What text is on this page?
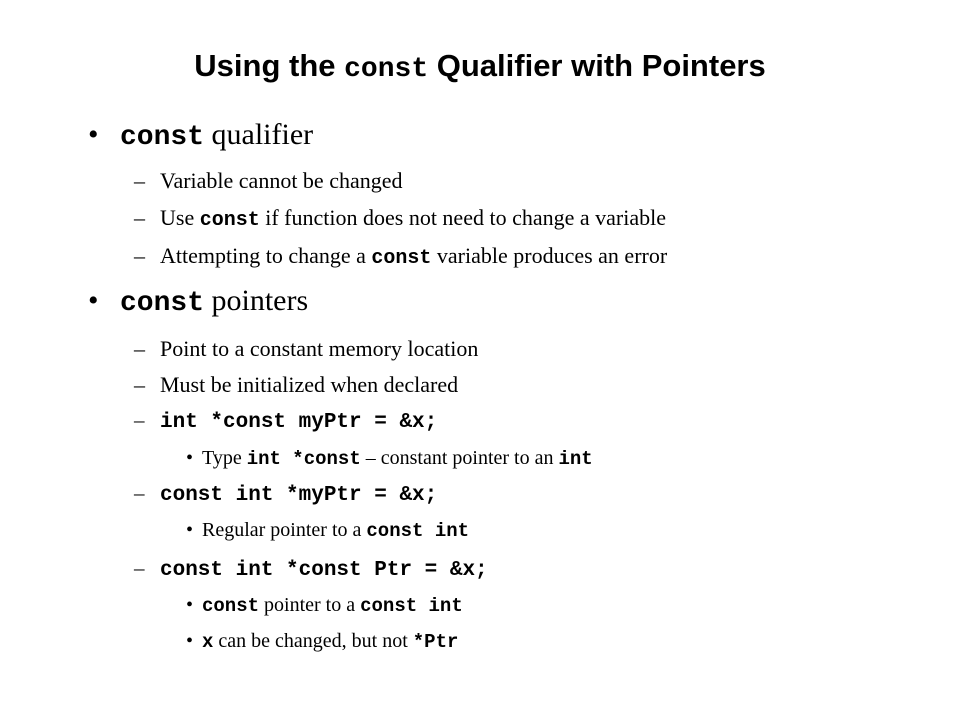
Using the const Qualifier with Pointers
• const qualifier
– Variable cannot be changed
– Use const if function does not need to change a variable
– Attempting to change a const variable produces an error
• const pointers
– Point to a constant memory location
– Must be initialized when declared
– int *const myPtr = &x;
• Type int *const – constant pointer to an int
– const int *myPtr = &x;
• Regular pointer to a const int
– const int *const Ptr = &x;
• const pointer to a const int
• x can be changed, but not *Ptr
